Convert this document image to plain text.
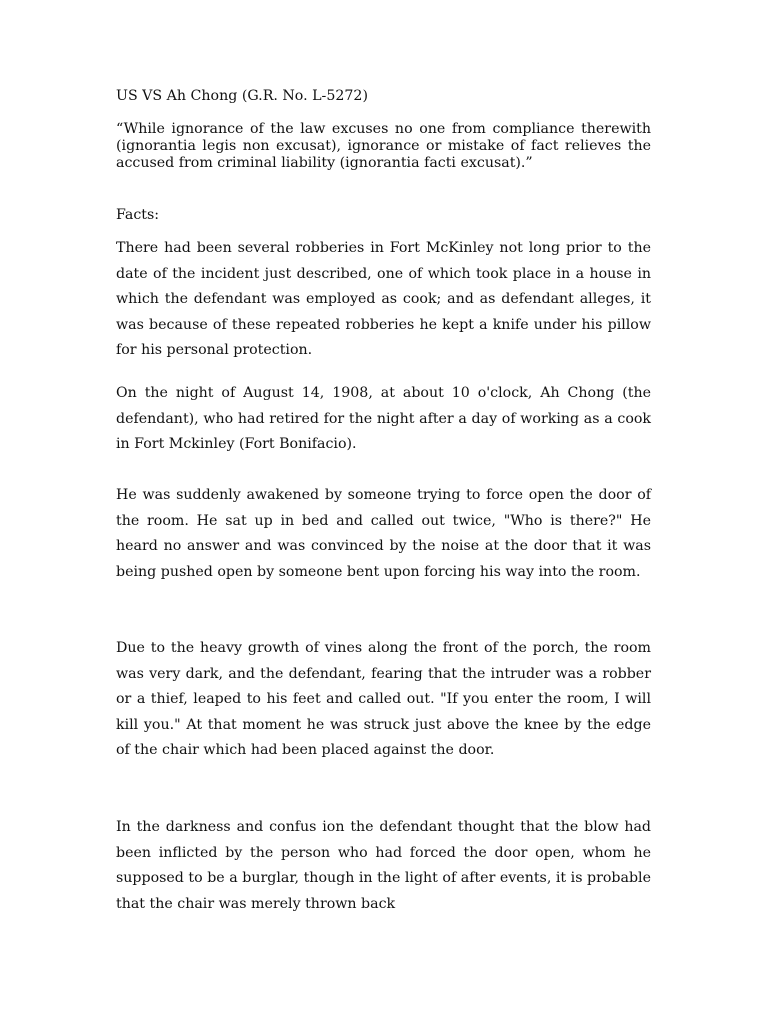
US VS Ah Chong (G.R. No. L-5272)

“While ignorance of the law excuses no one from compliance therewith (ignorantia legis non excusat), ignorance or mistake of fact relieves the accused from criminal liability (ignorantia facti excusat).”

Facts:

There had been several robberies in Fort McKinley not long prior to the date of the incident just described, one of which took place in a house in which the defendant was employed as cook; and as defendant alleges, it was because of these repeated robberies he kept a knife under his pillow for his personal protection.

On the night of August 14, 1908, at about 10 o'clock, Ah Chong (the defendant), who had retired for the night after a day of working as a cook in Fort Mckinley (Fort Bonifacio).

He was suddenly awakened by someone trying to force open the door of the room. He sat up in bed and called out twice, "Who is there?" He heard no answer and was convinced by the noise at the door that it was being pushed open by someone bent upon forcing his way into the room.

Due to the heavy growth of vines along the front of the porch, the room was very dark, and the defendant, fearing that the intruder was a robber or a thief, leaped to his feet and called out. "If you enter the room, I will kill you." At that moment he was struck just above the knee by the edge of the chair which had been placed against the door.

In the darkness and confus ion the defendant thought that the blow had been inflicted by the person who had forced the door open, whom he supposed to be a burglar, though in the light of after events, it is probable that the chair was merely thrown back
